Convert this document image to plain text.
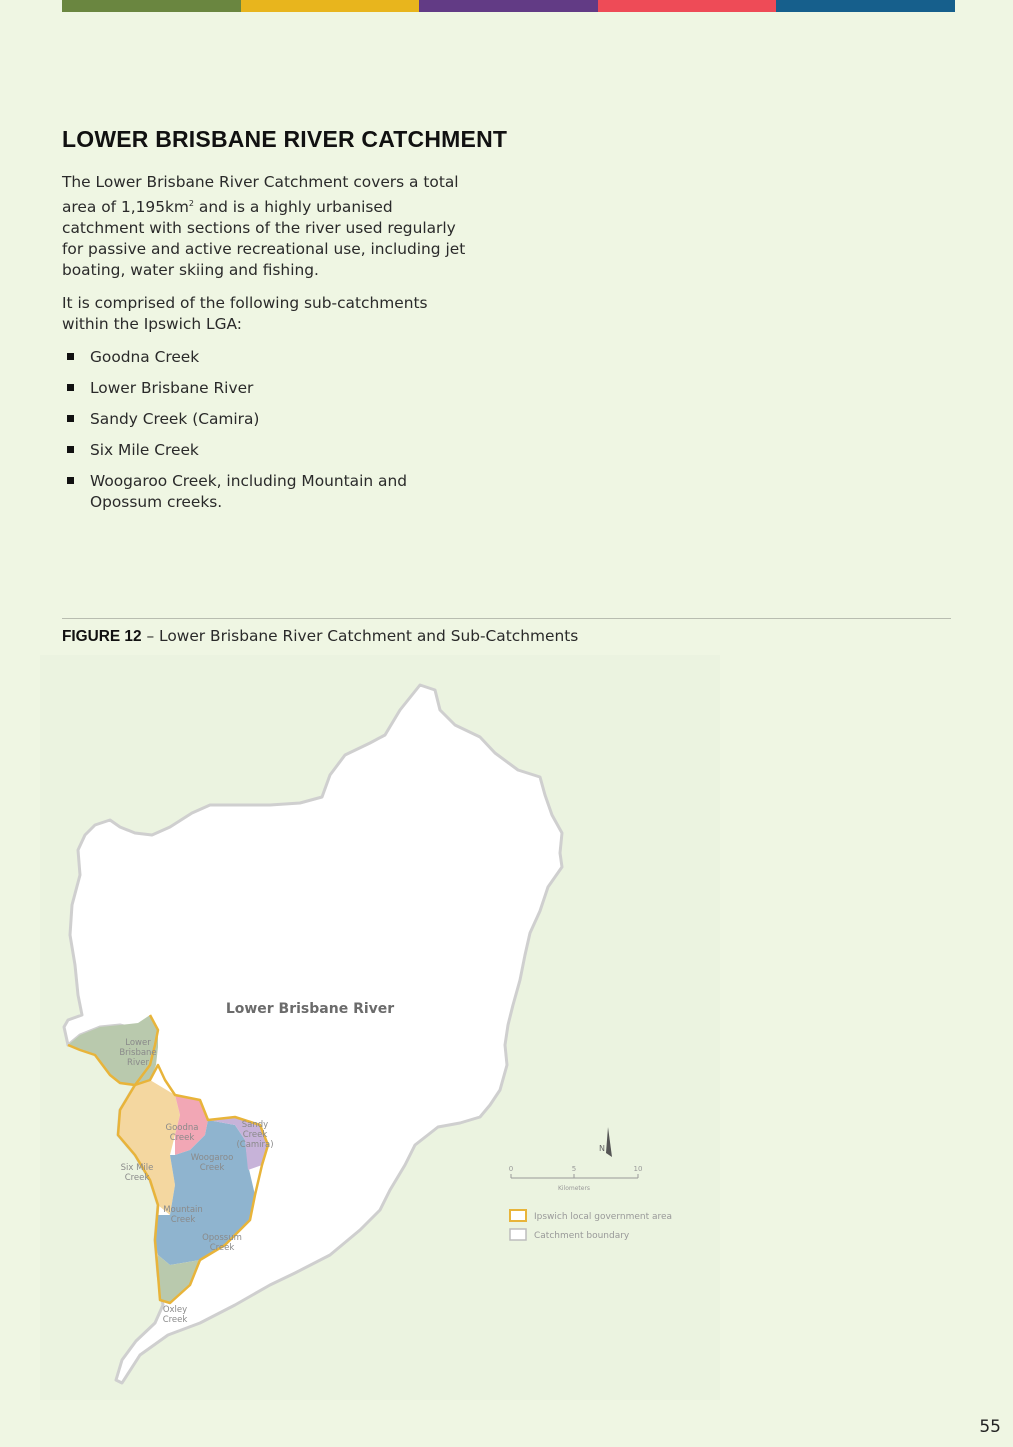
LOWER BRISBANE RIVER CATCHMENT

The Lower Brisbane River Catchment covers a total area of $1,195km^2$ and is a highly urbanised catchment with sections of the river used regularly for passive and active recreational use, including jet boating, water skiing and fishing.

It is comprised of the following sub-catchments within the Ipswich LGA:

Goodna Creek
Lower Brisbane River
Sandy Creek (Camira)
Six Mile Creek
Woogaroo Creek, including Mountain and Opossum creeks.
FIGURE 12 – Lower Brisbane River Catchment and Sub-Catchments
Lower Brisbane River
Lower
Brisbane
River
Goodna
Creek
Sandy
Creek
(Camira)
Woogaroo
Creek
Six Mile
Creek
Mountain
Creek
Opossum
Creek
Oxley
Creek
N
0	5	10
Kilometers
Ipswich local government area
Catchment boundary
55
